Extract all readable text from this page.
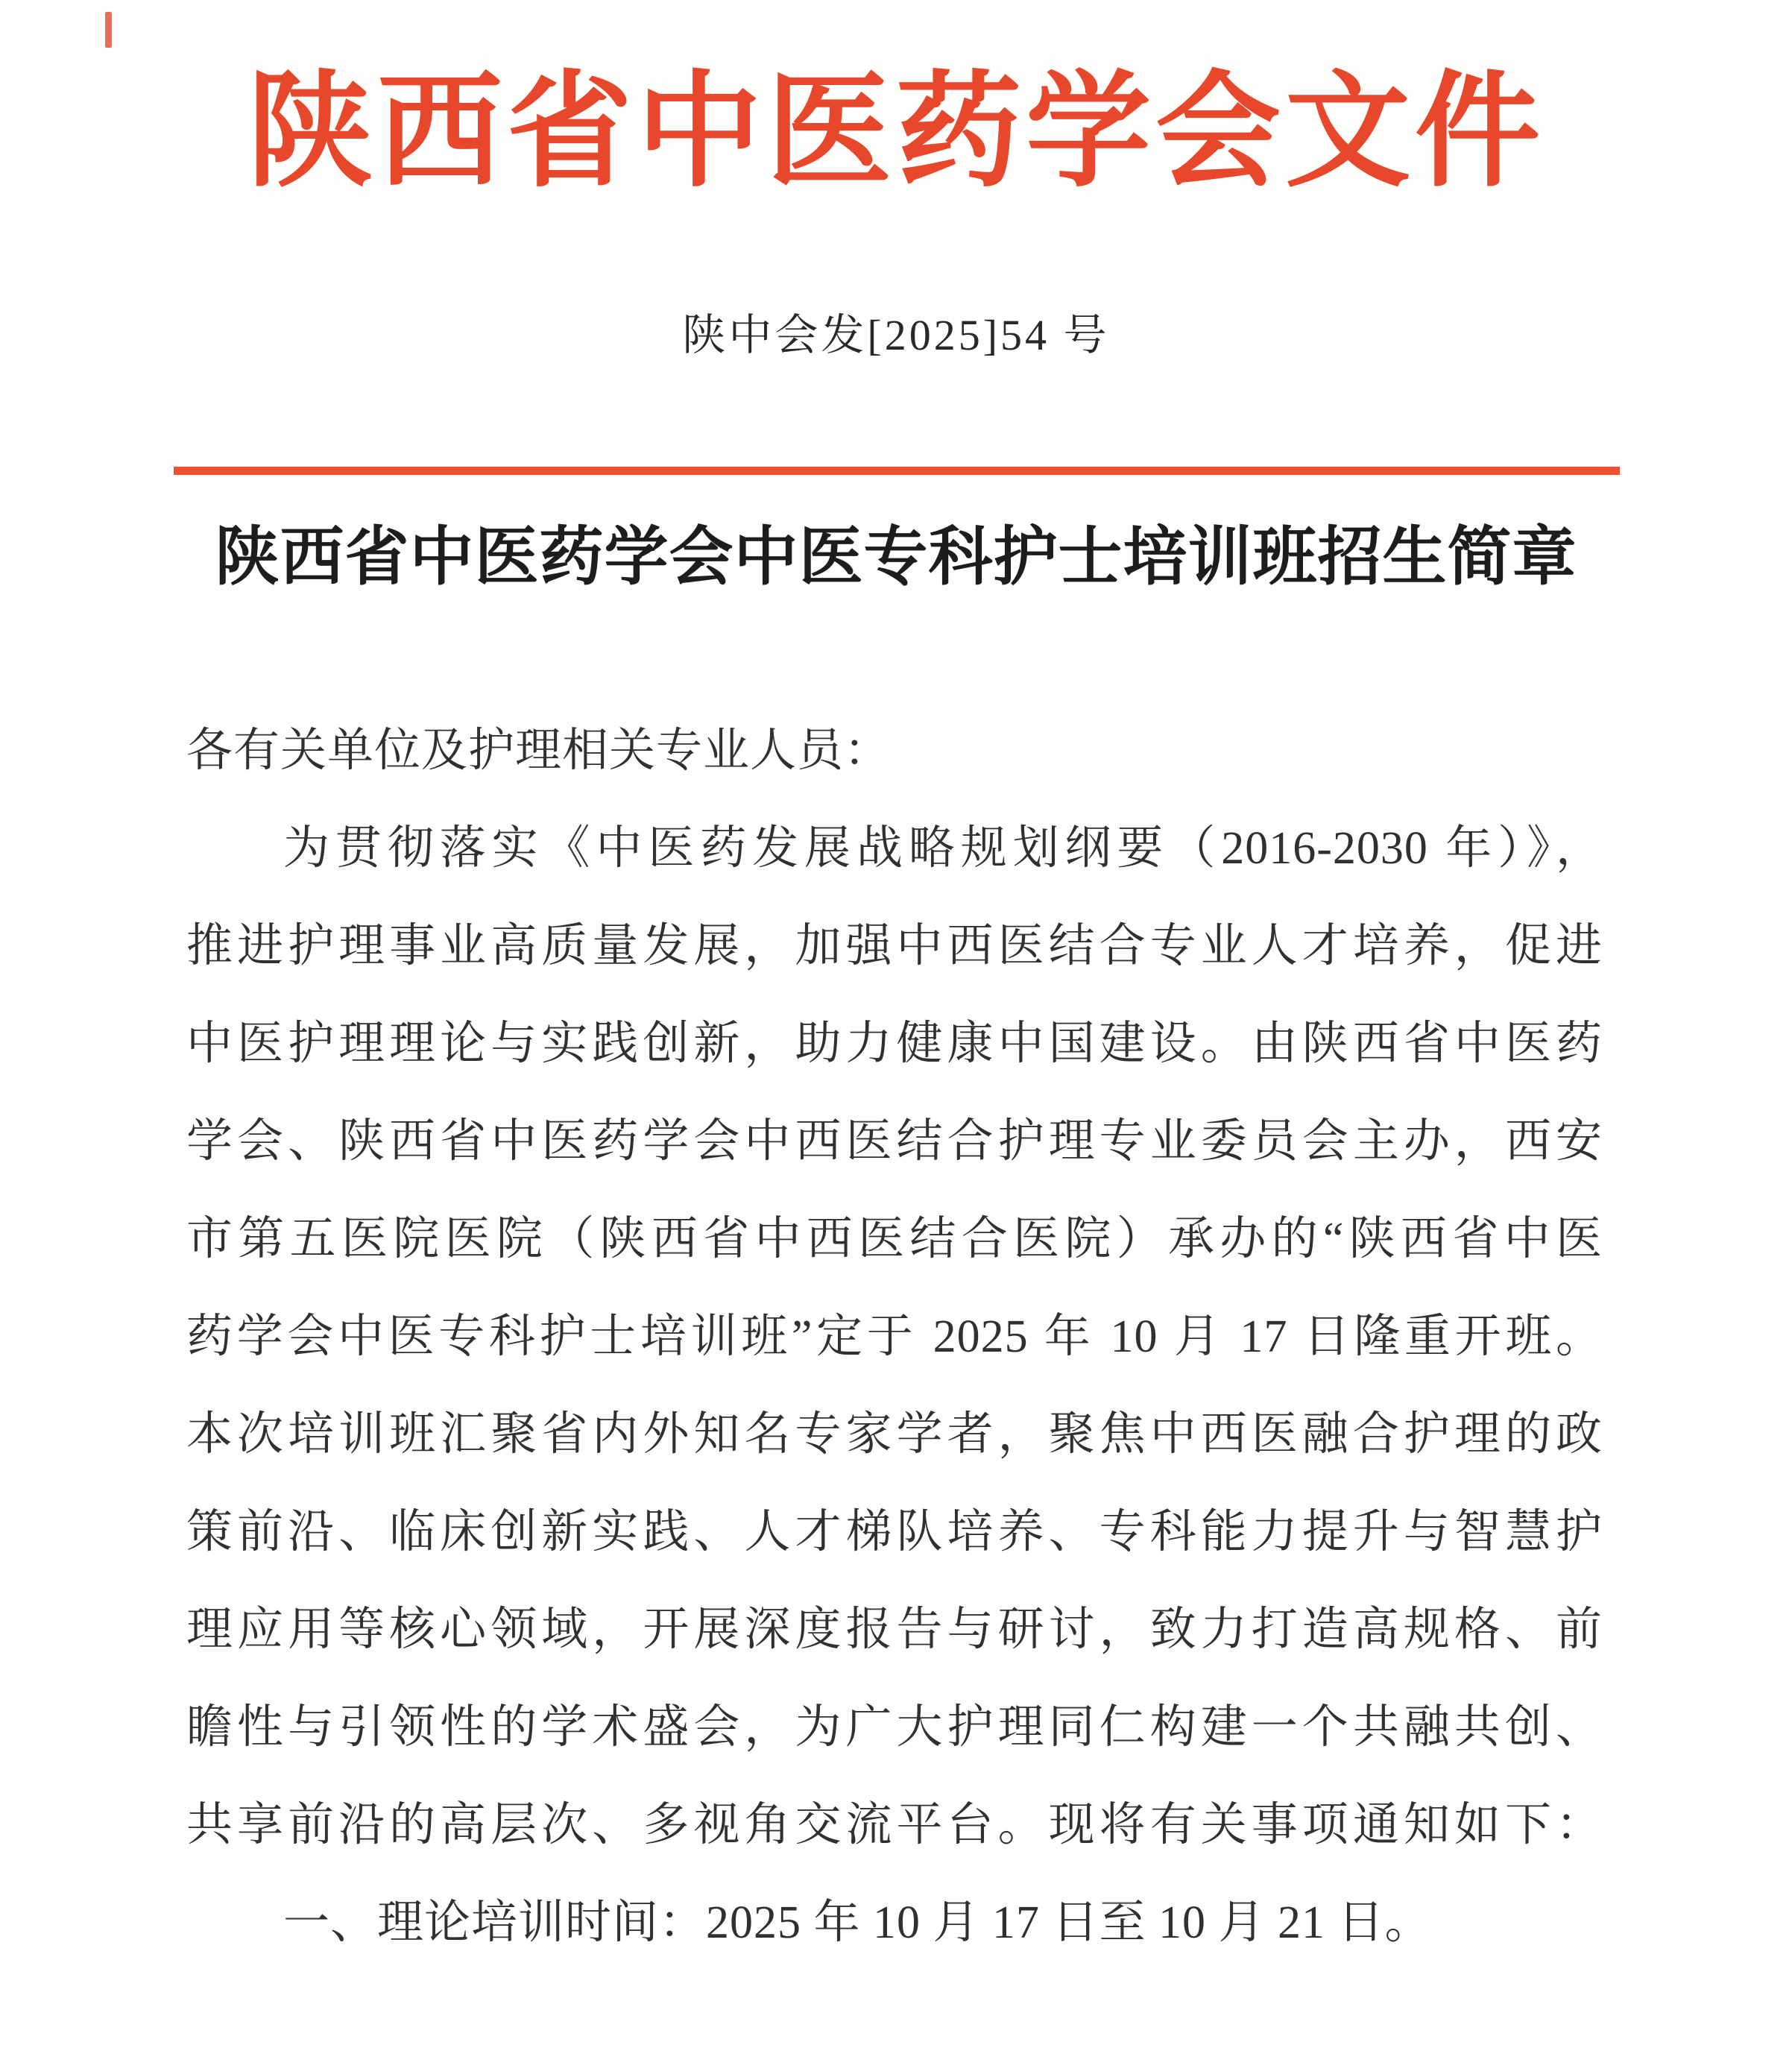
陕西省中医药学会文件
陕中会发[2025]54 号
陕西省中医药学会中医专科护士培训班招生简章

各有关单位及护理相关专业人员：

为贯彻落实《中医药发展战略规划纲要（2016-2030 年）》，

推进护理事业高质量发展，加强中西医结合专业人才培养，促进

中医护理理论与实践创新，助力健康中国建设。由陕西省中医药

学会、陕西省中医药学会中西医结合护理专业委员会主办，西安

市第五医院医院（陕西省中西医结合医院）承办的“陕西省中医

药学会中医专科护士培训班”定于 2025 年 10 月 17 日隆重开班。

本次培训班汇聚省内外知名专家学者，聚焦中西医融合护理的政

策前沿、临床创新实践、人才梯队培养、专科能力提升与智慧护

理应用等核心领域，开展深度报告与研讨，致力打造高规格、前

瞻性与引领性的学术盛会，为广大护理同仁构建一个共融共创、

共享前沿的高层次、多视角交流平台。现将有关事项通知如下：

一、理论培训时间：2025 年 10 月 17 日至 10 月 21 日。
